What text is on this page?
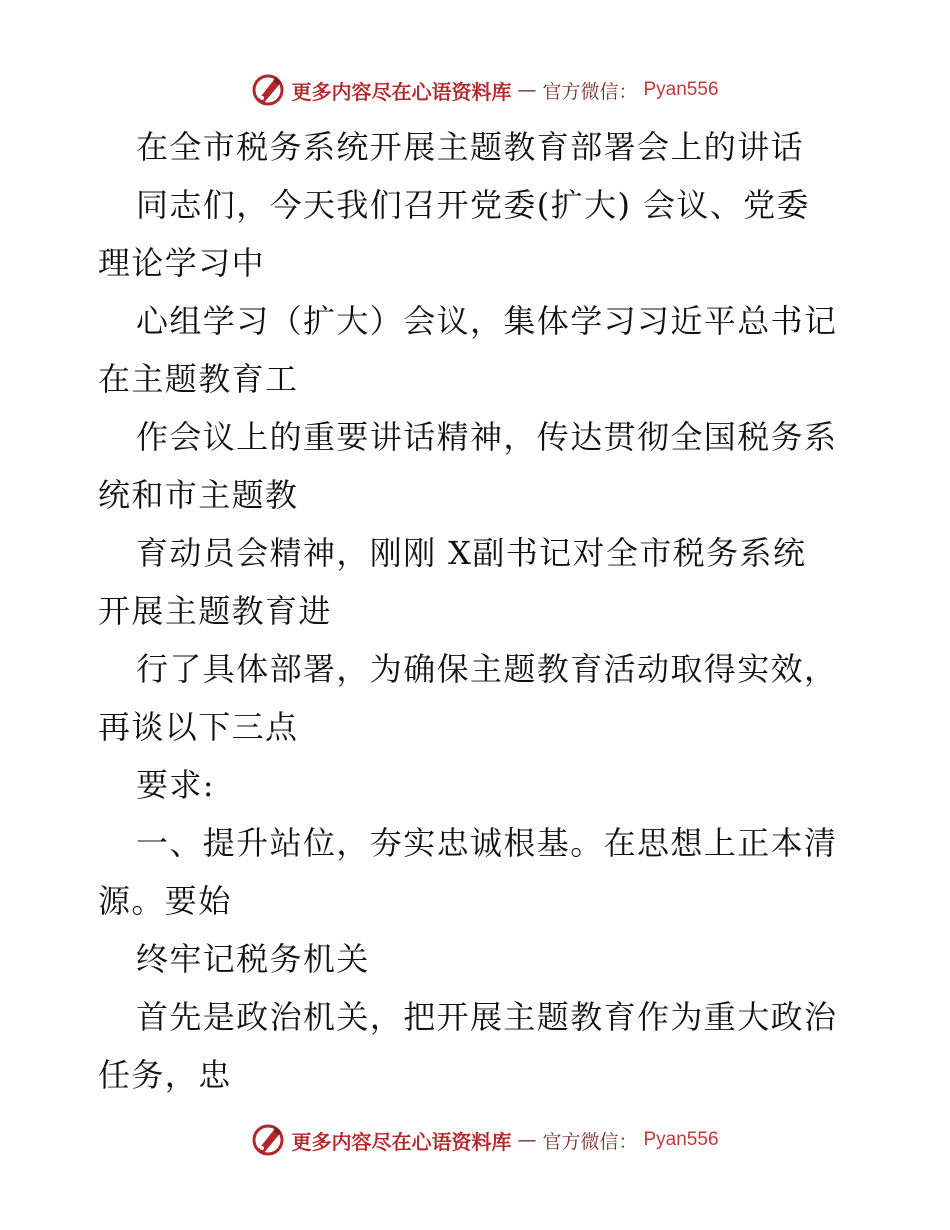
更多内容尽在心语资料库 — 官方微信： Pyan556
在全市税务系统开展主题教育部署会上的讲话
同志们，今天我们召开党委(扩大) 会议、党委
理论学习中
心组学习（扩大）会议，集体学习习近平总书记
在主题教育工
作会议上的重要讲话精神，传达贯彻全国税务系
统和市主题教
育动员会精神，刚刚 X副书记对全市税务系统
开展主题教育进
行了具体部署，为确保主题教育活动取得实效，
再谈以下三点
要求:
一、提升站位，夯实忠诚根基。在思想上正本清
源。要始
终牢记税务机关
首先是政治机关，把开展主题教育作为重大政治
任务，忠
更多内容尽在心语资料库 — 官方微信： Pyan556
